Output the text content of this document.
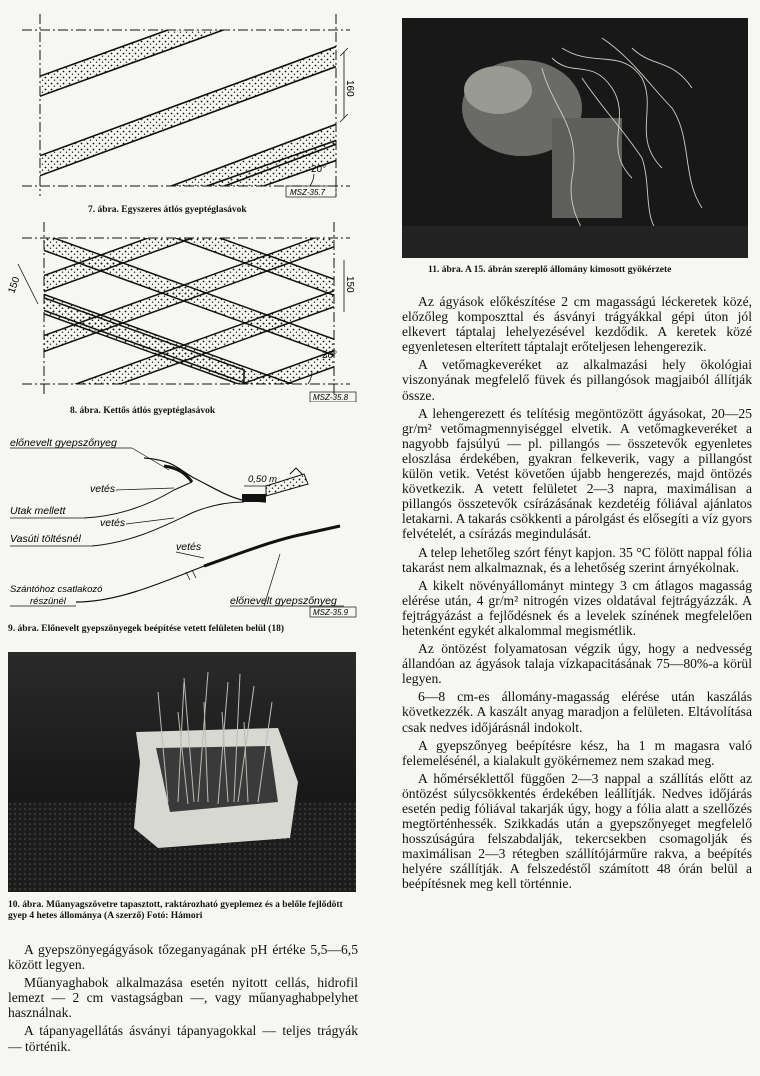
160
20°
MSZ-35.7
7. ábra. Egyszeres átlós gyeptéglasávok
150	150
20°
MSZ-35.8
8. ábra. Kettős átlós gyeptéglasávok
előnevelt gyepszőnyeg
0,50 m
vetés
Utak mellett
vetés
Vasúti töltésnél
vetés
Szántóhoz csatlakozó
részünél	előnevelt gyepszőnyeg
MSZ-35.9
9. ábra. Előnevelt gyepszönyegek beépítése vetett felületen belül (18)
10. ábra. Műanyagszövetre tapasztott, raktározható gyeplemez és a belőle fejlődött gyep 4 hetes állománya (A szerző) Fotó: Hámori
11. ábra. A 15. ábrán szereplő állomány kimosott gyökérzete

A gyepszönyegágyások tőzeganyagának pH értéke 5,5—6,5 között legyen.

Műanyaghabok alkalmazása esetén nyitott cellás, hidrofil lemezt — 2 cm vastagságban —, vagy műanyaghabpelyhet használnak.

A tápanyagellátás ásványi tápanyagokkal — teljes trágyák — történik.

Az ágyások előkészítése 2 cm magasságú léckeretek közé, előzőleg komposzttal és ásványi trágyákkal gépi úton jól elkevert táptalaj lehelyezésével kezdődik. A keretek közé egyenletesen elterített táptalajt erőteljesen lehengerezik.

A vetőmagkeveréket az alkalmazási hely ökológiai viszonyának megfelelő füvek és pillangósok magjaiból állítják össze.

A lehengerezett és telítésig megöntözött ágyásokat, 20—25 gr/m² vetőmagmennyiséggel elvetik. A vetőmagkeveréket a nagyobb fajsúlyú — pl. pillangós — összetevők egyenletes eloszlása érdekében, gyakran felkeverik, vagy a pillangóst külön vetik. Vetést követően újabb hengerezés, majd öntözés következik. A vetett felületet 2—3 napra, maximálisan a pillangós összetevők csírázásának kezdetéig fóliával ajánlatos letakarni. A takarás csökkenti a párolgást és elősegíti a víz gyors felvételét, a csírázás megindulását.

A telep lehetőleg szórt fényt kapjon. 35 °C fölött nappal fólia takarást nem alkalmaznak, és a lehetőség szerint árnyékolnak.

A kikelt növényállományt mintegy 3 cm átlagos magasság elérése után, 4 gr/m² nitrogén vizes oldatával fejtrágyázzák. A fejtrágyázást a fejlődésnek és a levelek színének megfelelően hetenként egykét alkalommal megismétlik.

Az öntözést folyamatosan végzik úgy, hogy a nedvesség állandóan az ágyások talaja vízkapacitásának 75—80%-a körül legyen.

6—8 cm-es állomány-magasság elérése után kaszálás következzék. A kaszált anyag maradjon a felületen. Eltávolítása csak nedves időjárásnál indokolt.

A gyepszőnyeg beépítésre kész, ha 1 m magasra való felemelésénél, a kialakult gyökérnemez nem szakad meg.

A hőmérséklettől függően 2—3 nappal a szállítás előtt az öntözést súlycsökkentés érdekében leállítják. Nedves időjárás esetén pedig fóliával takarják úgy, hogy a fólia alatt a szellőzés megtörténhessék. Szikkadás után a gyepszőnyeget megfelelő hosszúságúra felszabdalják, tekercsekben csomagolják és maximálisan 2—3 rétegben szállítójárműre rakva, a beépítés helyére szállítják. A felszedéstől számított 48 órán belül a beépítésnek meg kell történnie.
